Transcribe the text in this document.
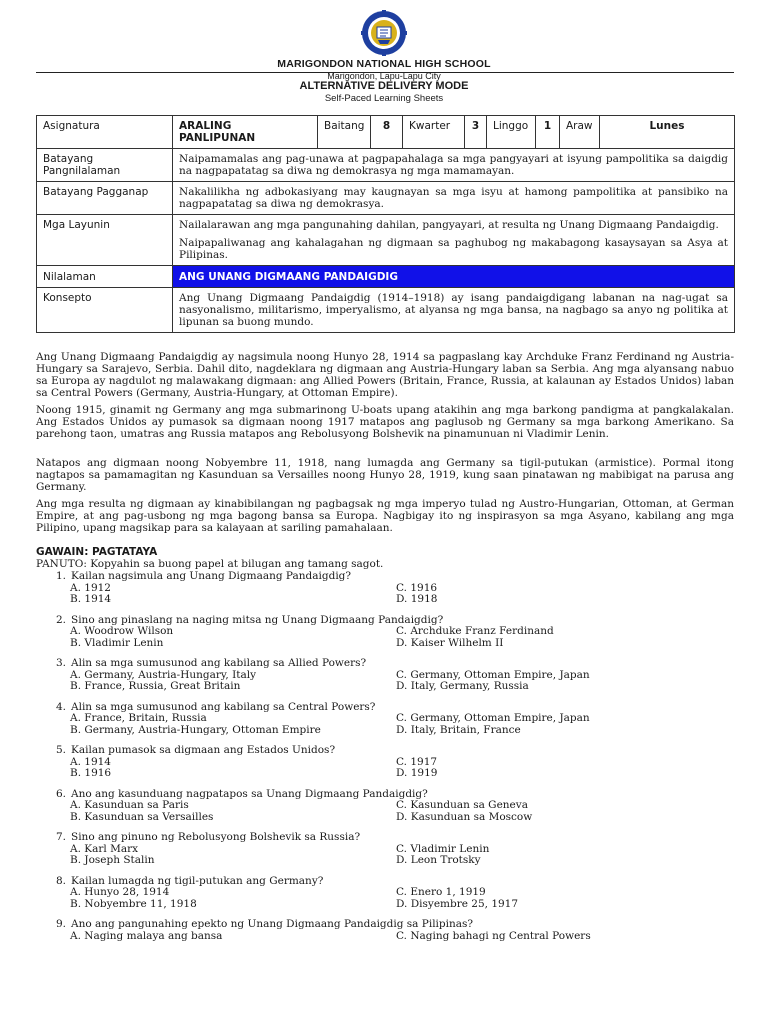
MARIGONDON NATIONAL HIGH SCHOOL
Marigondon, Lapu-Lapu City
ALTERNATIVE DELIVERY MODE
Self-Paced Learning Sheets
Asignatura	ARALING PANLIPUNAN	Baitang	8	Kwarter	3	Linggo	1	Araw	Lunes
Batayang Pangnilalaman	Naipamamalas ang pag-unawa at pagpapahalaga sa mga pangyayari at isyung pampolitika sa daigdig na nagpapatatag sa diwa ng demokrasya ng mga mamamayan.								
Batayang Pagganap	Nakalilikha ng adbokasiyang may kaugnayan sa mga isyu at hamong pampolitika at pansibiko na nagpapatatag sa diwa ng demokrasya.								
Mga Layunin	Nailalarawan ang mga pangunahing dahilan, pangyayari, at resulta ng Unang Digmaang Pandaigdig.
Naipapaliwanag ang kahalagahan ng digmaan sa paghubog ng makabagong kasaysayan sa Asya at Pilipinas.								

Nilalaman	ANG UNANG DIGMAANG PANDAIGDIG								
Konsepto	Ang Unang Digmaang Pandaigdig (1914–1918) ay isang pandaigdigang labanan na nag-ugat sa nasyonalismo, militarismo, imperyalismo, at alyansa ng mga bansa, na nagbago sa anyo ng politika at lipunan sa buong mundo.								
Ang Unang Digmaang Pandaigdig ay nagsimula noong Hunyo 28, 1914 sa pagpaslang kay Archduke Franz Ferdinand ng Austria-Hungary sa Sarajevo, Serbia. Dahil dito, nagdeklara ng digmaan ang Austria-Hungary laban sa Serbia. Ang mga alyansang nabuo sa Europa ay nagdulot ng malawakang digmaan: ang Allied Powers (Britain, France, Russia, at kalaunan ay Estados Unidos) laban sa Central Powers (Germany, Austria-Hungary, at Ottoman Empire).
Noong 1915, ginamit ng Germany ang mga submarinong U-boats upang atakihin ang mga barkong pandigma at pangkalakalan. Ang Estados Unidos ay pumasok sa digmaan noong 1917 matapos ang paglusob ng Germany sa mga barkong Amerikano. Sa parehong taon, umatras ang Russia matapos ang Rebolusyong Bolshevik na pinamunuan ni Vladimir Lenin.
Natapos ang digmaan noong Nobyembre 11, 1918, nang lumagda ang Germany sa tigil-putukan (armistice). Pormal itong nagtapos sa pamamagitan ng Kasunduan sa Versailles noong Hunyo 28, 1919, kung saan pinatawan ng mabibigat na parusa ang Germany.
Ang mga resulta ng digmaan ay kinabibilangan ng pagbagsak ng mga imperyo tulad ng Austro-Hungarian, Ottoman, at German Empire, at ang pag-usbong ng mga bagong bansa sa Europa. Nagbigay ito ng inspirasyon sa mga Asyano, kabilang ang mga Pilipino, upang magsikap para sa kalayaan at sariling pamahalaan.
GAWAIN: PAGTATAYA
PANUTO: Kopyahin sa buong papel at bilugan ang tamang sagot.
1. Kailan nagsimula ang Unang Digmaang Pandaigdig?
A. 1912	C. 1916
B. 1914	D. 1918
2. Sino ang pinaslang na naging mitsa ng Unang Digmaang Pandaigdig?
A. Woodrow Wilson	C. Archduke Franz Ferdinand
B. Vladimir Lenin	D. Kaiser Wilhelm II
3. Alin sa mga sumusunod ang kabilang sa Allied Powers?
A. Germany, Austria-Hungary, Italy	C. Germany, Ottoman Empire, Japan
B. France, Russia, Great Britain	D. Italy, Germany, Russia
4. Alin sa mga sumusunod ang kabilang sa Central Powers?
A. France, Britain, Russia	C. Germany, Ottoman Empire, Japan
B. Germany, Austria-Hungary, Ottoman Empire	D. Italy, Britain, France
5. Kailan pumasok sa digmaan ang Estados Unidos?
A. 1914	C. 1917
B. 1916	D. 1919
6. Ano ang kasunduang nagpatapos sa Unang Digmaang Pandaigdig?
A. Kasunduan sa Paris	C. Kasunduan sa Geneva
B. Kasunduan sa Versailles	D. Kasunduan sa Moscow
7. Sino ang pinuno ng Rebolusyong Bolshevik sa Russia?
A. Karl Marx	C. Vladimir Lenin
B. Joseph Stalin	D. Leon Trotsky
8. Kailan lumagda ng tigil-putukan ang Germany?
A. Hunyo 28, 1914	C. Enero 1, 1919
B. Nobyembre 11, 1918	D. Disyembre 25, 1917
9. Ano ang pangunahing epekto ng Unang Digmaang Pandaigdig sa Pilipinas?
A. Naging malaya ang bansa	C. Naging bahagi ng Central Powers
